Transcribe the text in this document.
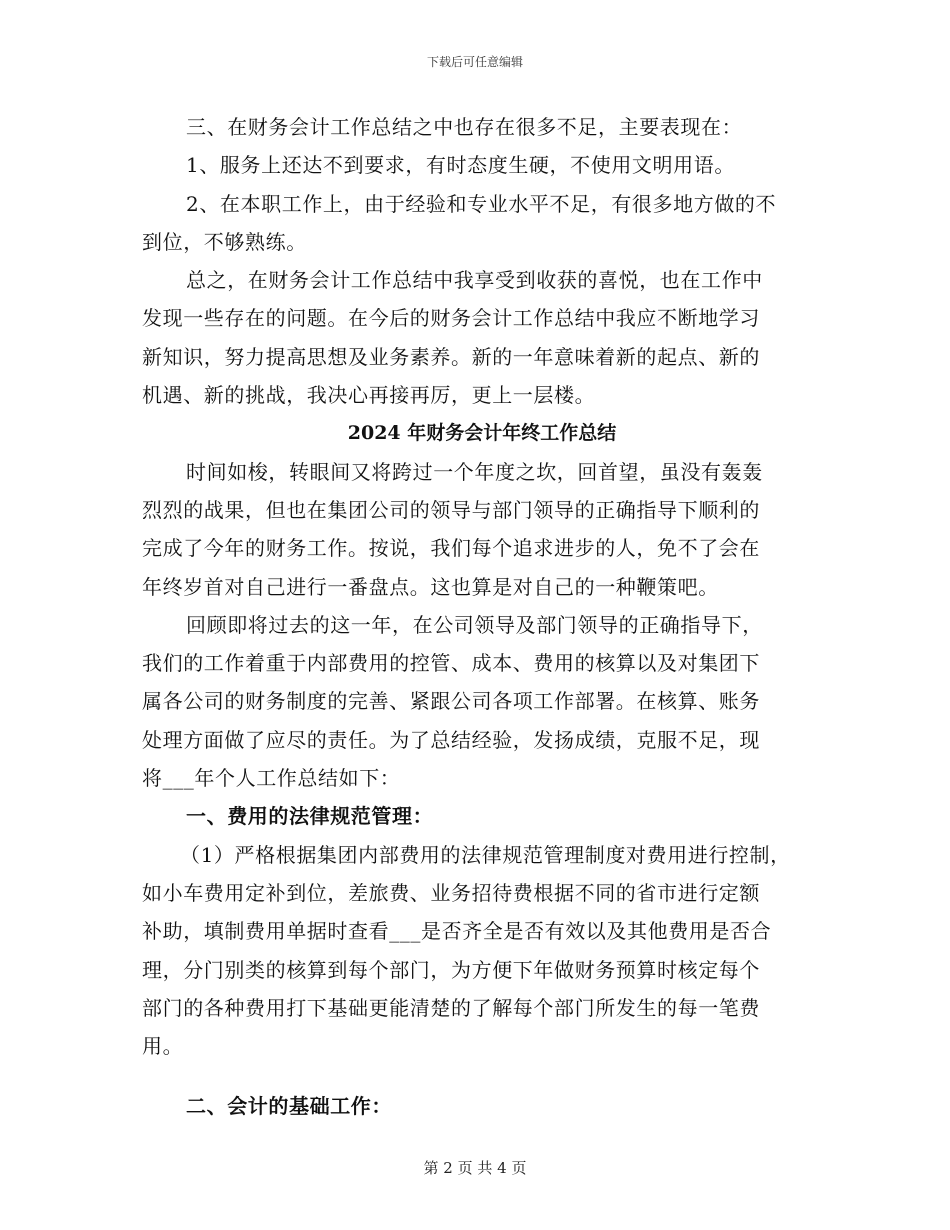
下载后可任意编辑
三、在财务会计工作总结之中也存在很多不足，主要表现在：
1、服务上还达不到要求，有时态度生硬，不使用文明用语。
2、在本职工作上，由于经验和专业水平不足，有很多地方做的不
到位，不够熟练。
总之，在财务会计工作总结中我享受到收获的喜悦，也在工作中
发现一些存在的问题。在今后的财务会计工作总结中我应不断地学习
新知识，努力提高思想及业务素养。新的一年意味着新的起点、新的
机遇、新的挑战，我决心再接再厉，更上一层楼。
2024 年财务会计年终工作总结
时间如梭，转眼间又将跨过一个年度之坎，回首望，虽没有轰轰
烈烈的战果，但也在集团公司的领导与部门领导的正确指导下顺利的
完成了今年的财务工作。按说，我们每个追求进步的人，免不了会在
年终岁首对自己进行一番盘点。这也算是对自己的一种鞭策吧。
回顾即将过去的这一年，在公司领导及部门领导的正确指导下，
我们的工作着重于内部费用的控管、成本、费用的核算以及对集团下
属各公司的财务制度的完善、紧跟公司各项工作部署。在核算、账务
处理方面做了应尽的责任。为了总结经验，发扬成绩，克服不足，现
将___年个人工作总结如下：
一、费用的法律规范管理：
（1）严格根据集团内部费用的法律规范管理制度对费用进行控制，
如小车费用定补到位，差旅费、业务招待费根据不同的省市进行定额
补助，填制费用单据时查看___是否齐全是否有效以及其他费用是否合
理，分门别类的核算到每个部门，为方便下年做财务预算时核定每个
部门的各种费用打下基础更能清楚的了解每个部门所发生的每一笔费
用。
二、会计的基础工作：
第 2 页 共 4 页
